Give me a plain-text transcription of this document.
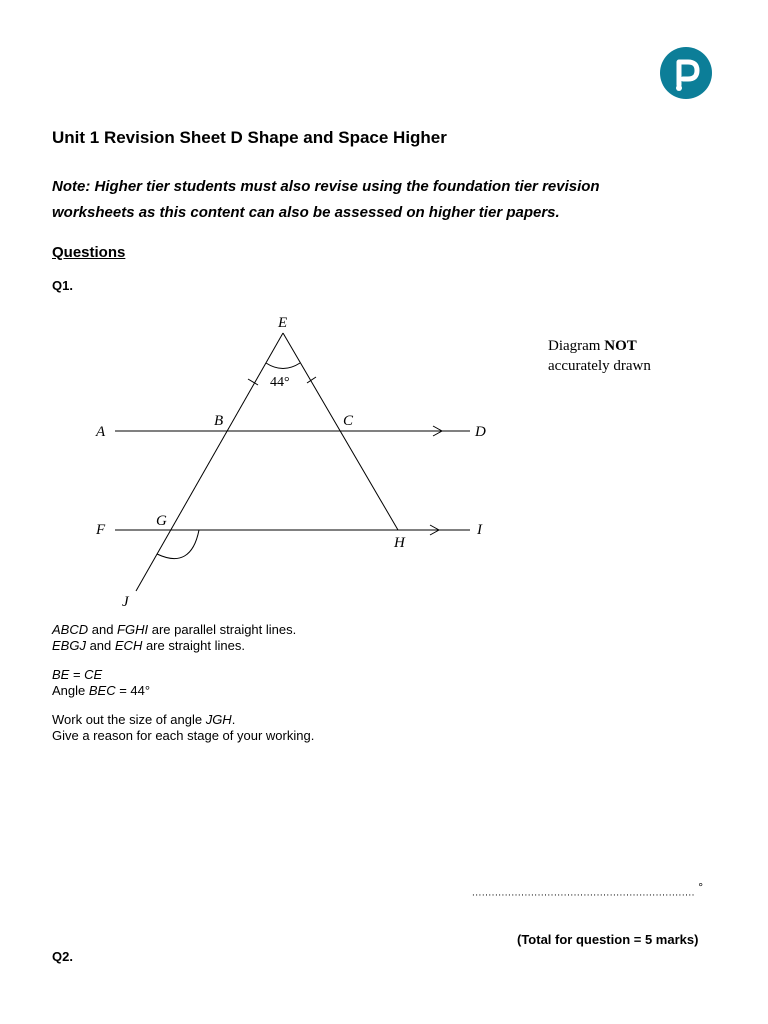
Unit 1 Revision Sheet D Shape and Space Higher

Note: Higher tier students must also revise using the foundation tier revision worksheets as this content can also be assessed on higher tier papers.

Questions

Q1.

E
44°
B	C
A	D
F
G
H
I
J
Diagram NOT
accurately drawn

ABCD and FGHI are parallel straight lines.
EBGJ and ECH are straight lines.

BE = CE
Angle BEC = 44°

Work out the size of angle JGH.
Give a reason for each stage of your working.

.................................................................... °
(Total for question = 5 marks)

Q2.
